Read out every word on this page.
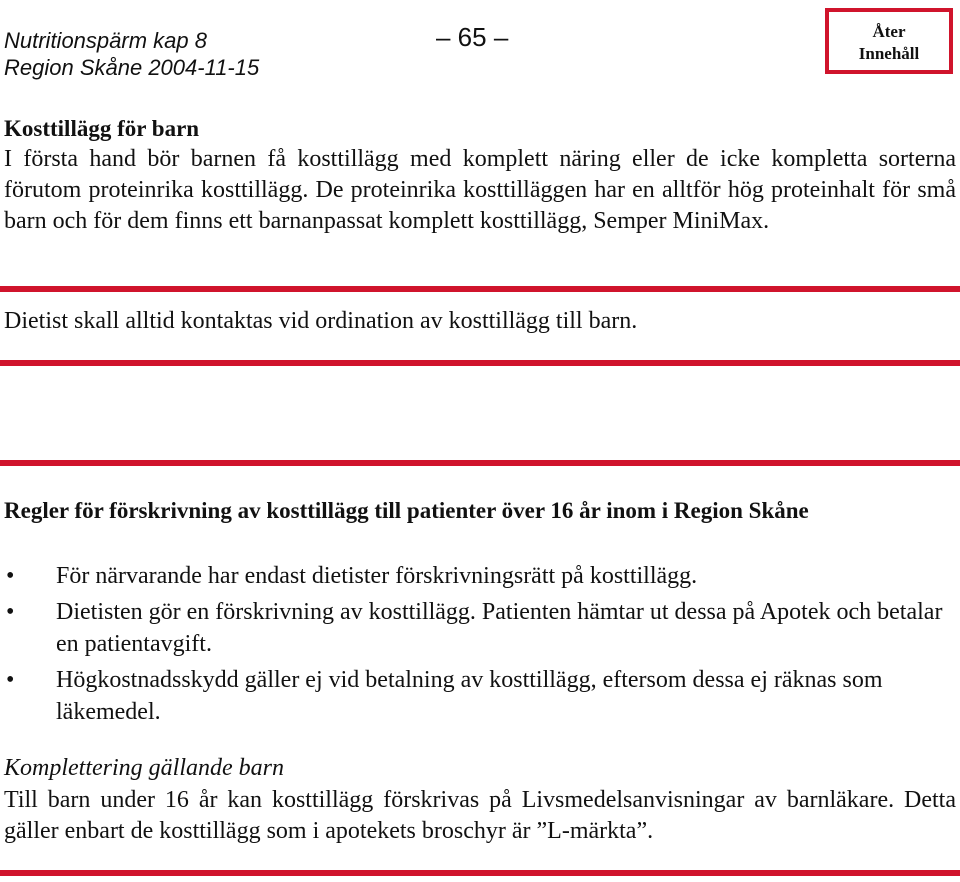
Nutritionspärm kap 8
Region Skåne 2004-11-15
– 65 –	Åter
Innehåll
Kosttillägg för barn
I första hand bör barnen få kosttillägg med komplett näring eller de icke kompletta sorterna förutom proteinrika kosttillägg. De proteinrika kosttilläggen har en alltför hög proteinhalt för små barn och för dem finns ett barnanpassat komplett kosttillägg, Semper MiniMax.
Dietist skall alltid kontaktas vid ordination av kosttillägg till barn.
Regler för förskrivning av kosttillägg till patienter över 16 år inom i Region Skåne
• För närvarande har endast dietister förskrivningsrätt på kosttillägg.
• Dietisten gör en förskrivning av kosttillägg. Patienten hämtar ut dessa på Apotek och betalar en patientavgift.
• Högkostnadsskydd gäller ej vid betalning av kosttillägg, eftersom dessa ej räknas som läkemedel.
Komplettering gällande barn
Till barn under 16 år kan kosttillägg förskrivas på Livsmedelsanvisningar av barnläkare. Detta gäller enbart de kosttillägg som i apotekets broschyr är ”L-märkta”.
